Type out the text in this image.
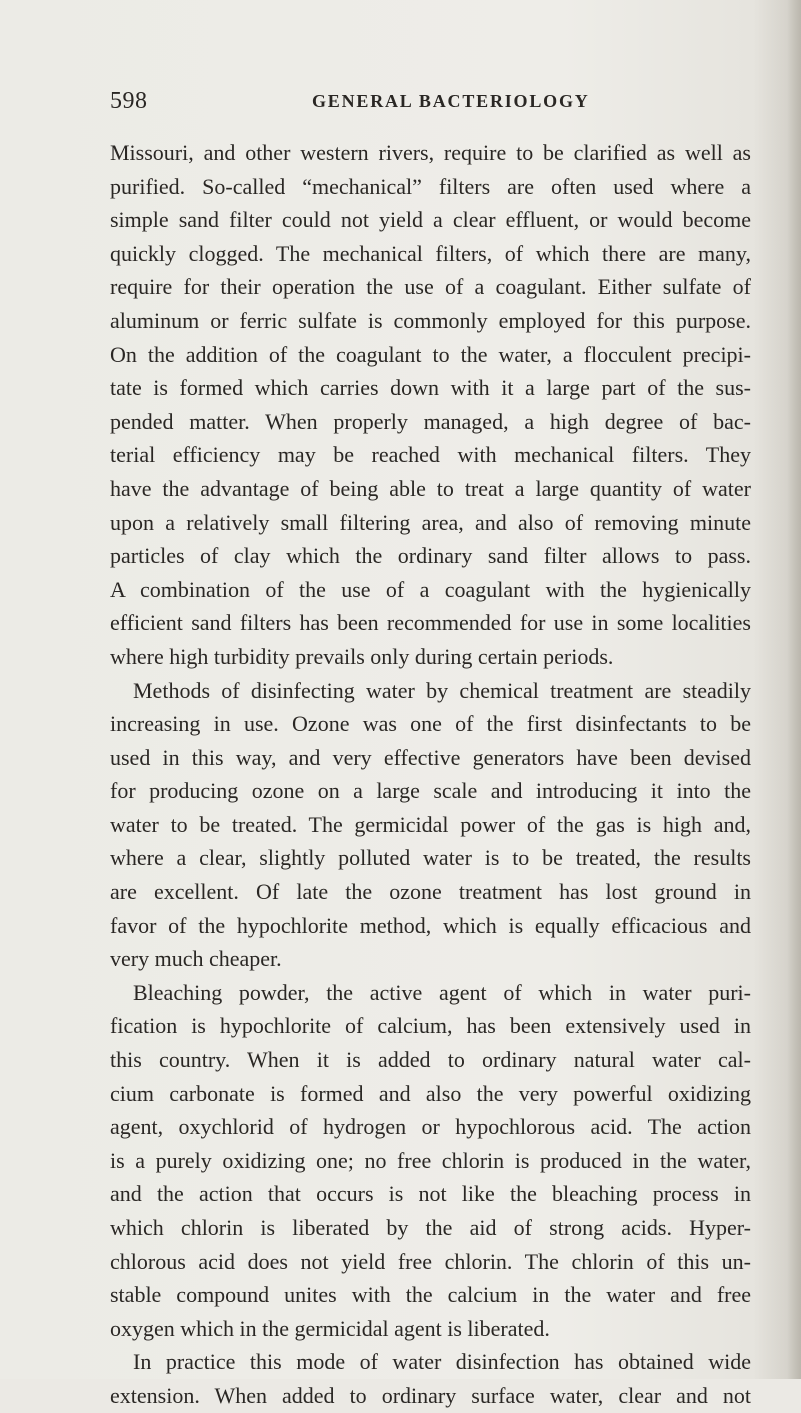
598	GENERAL BACTERIOLOGY
Missouri, and other western rivers, require to be clarified as well as
purified. So-called “mechanical” filters are often used where a
simple sand filter could not yield a clear effluent, or would become
quickly clogged. The mechanical filters, of which there are many,
require for their operation the use of a coagulant. Either sulfate of
aluminum or ferric sulfate is commonly employed for this purpose.
On the addition of the coagulant to the water, a flocculent precipi-
tate is formed which carries down with it a large part of the sus-
pended matter. When properly managed, a high degree of bac-
terial efficiency may be reached with mechanical filters. They
have the advantage of being able to treat a large quantity of water
upon a relatively small filtering area, and also of removing minute
particles of clay which the ordinary sand filter allows to pass.
A combination of the use of a coagulant with the hygienically
efficient sand filters has been recommended for use in some localities
where high turbidity prevails only during certain periods.
Methods of disinfecting water by chemical treatment are steadily
increasing in use. Ozone was one of the first disinfectants to be
used in this way, and very effective generators have been devised
for producing ozone on a large scale and introducing it into the
water to be treated. The germicidal power of the gas is high and,
where a clear, slightly polluted water is to be treated, the results
are excellent. Of late the ozone treatment has lost ground in
favor of the hypochlorite method, which is equally efficacious and
very much cheaper.
Bleaching powder, the active agent of which in water puri-
fication is hypochlorite of calcium, has been extensively used in
this country. When it is added to ordinary natural water cal-
cium carbonate is formed and also the very powerful oxidizing
agent, oxychlorid of hydrogen or hypochlorous acid. The action
is a purely oxidizing one; no free chlorin is produced in the water,
and the action that occurs is not like the bleaching process in
which chlorin is liberated by the aid of strong acids. Hyper-
chlorous acid does not yield free chlorin. The chlorin of this un-
stable compound unites with the calcium in the water and free
oxygen which in the germicidal agent is liberated.
In practice this mode of water disinfection has obtained wide
extension. When added to ordinary surface water, clear and not
